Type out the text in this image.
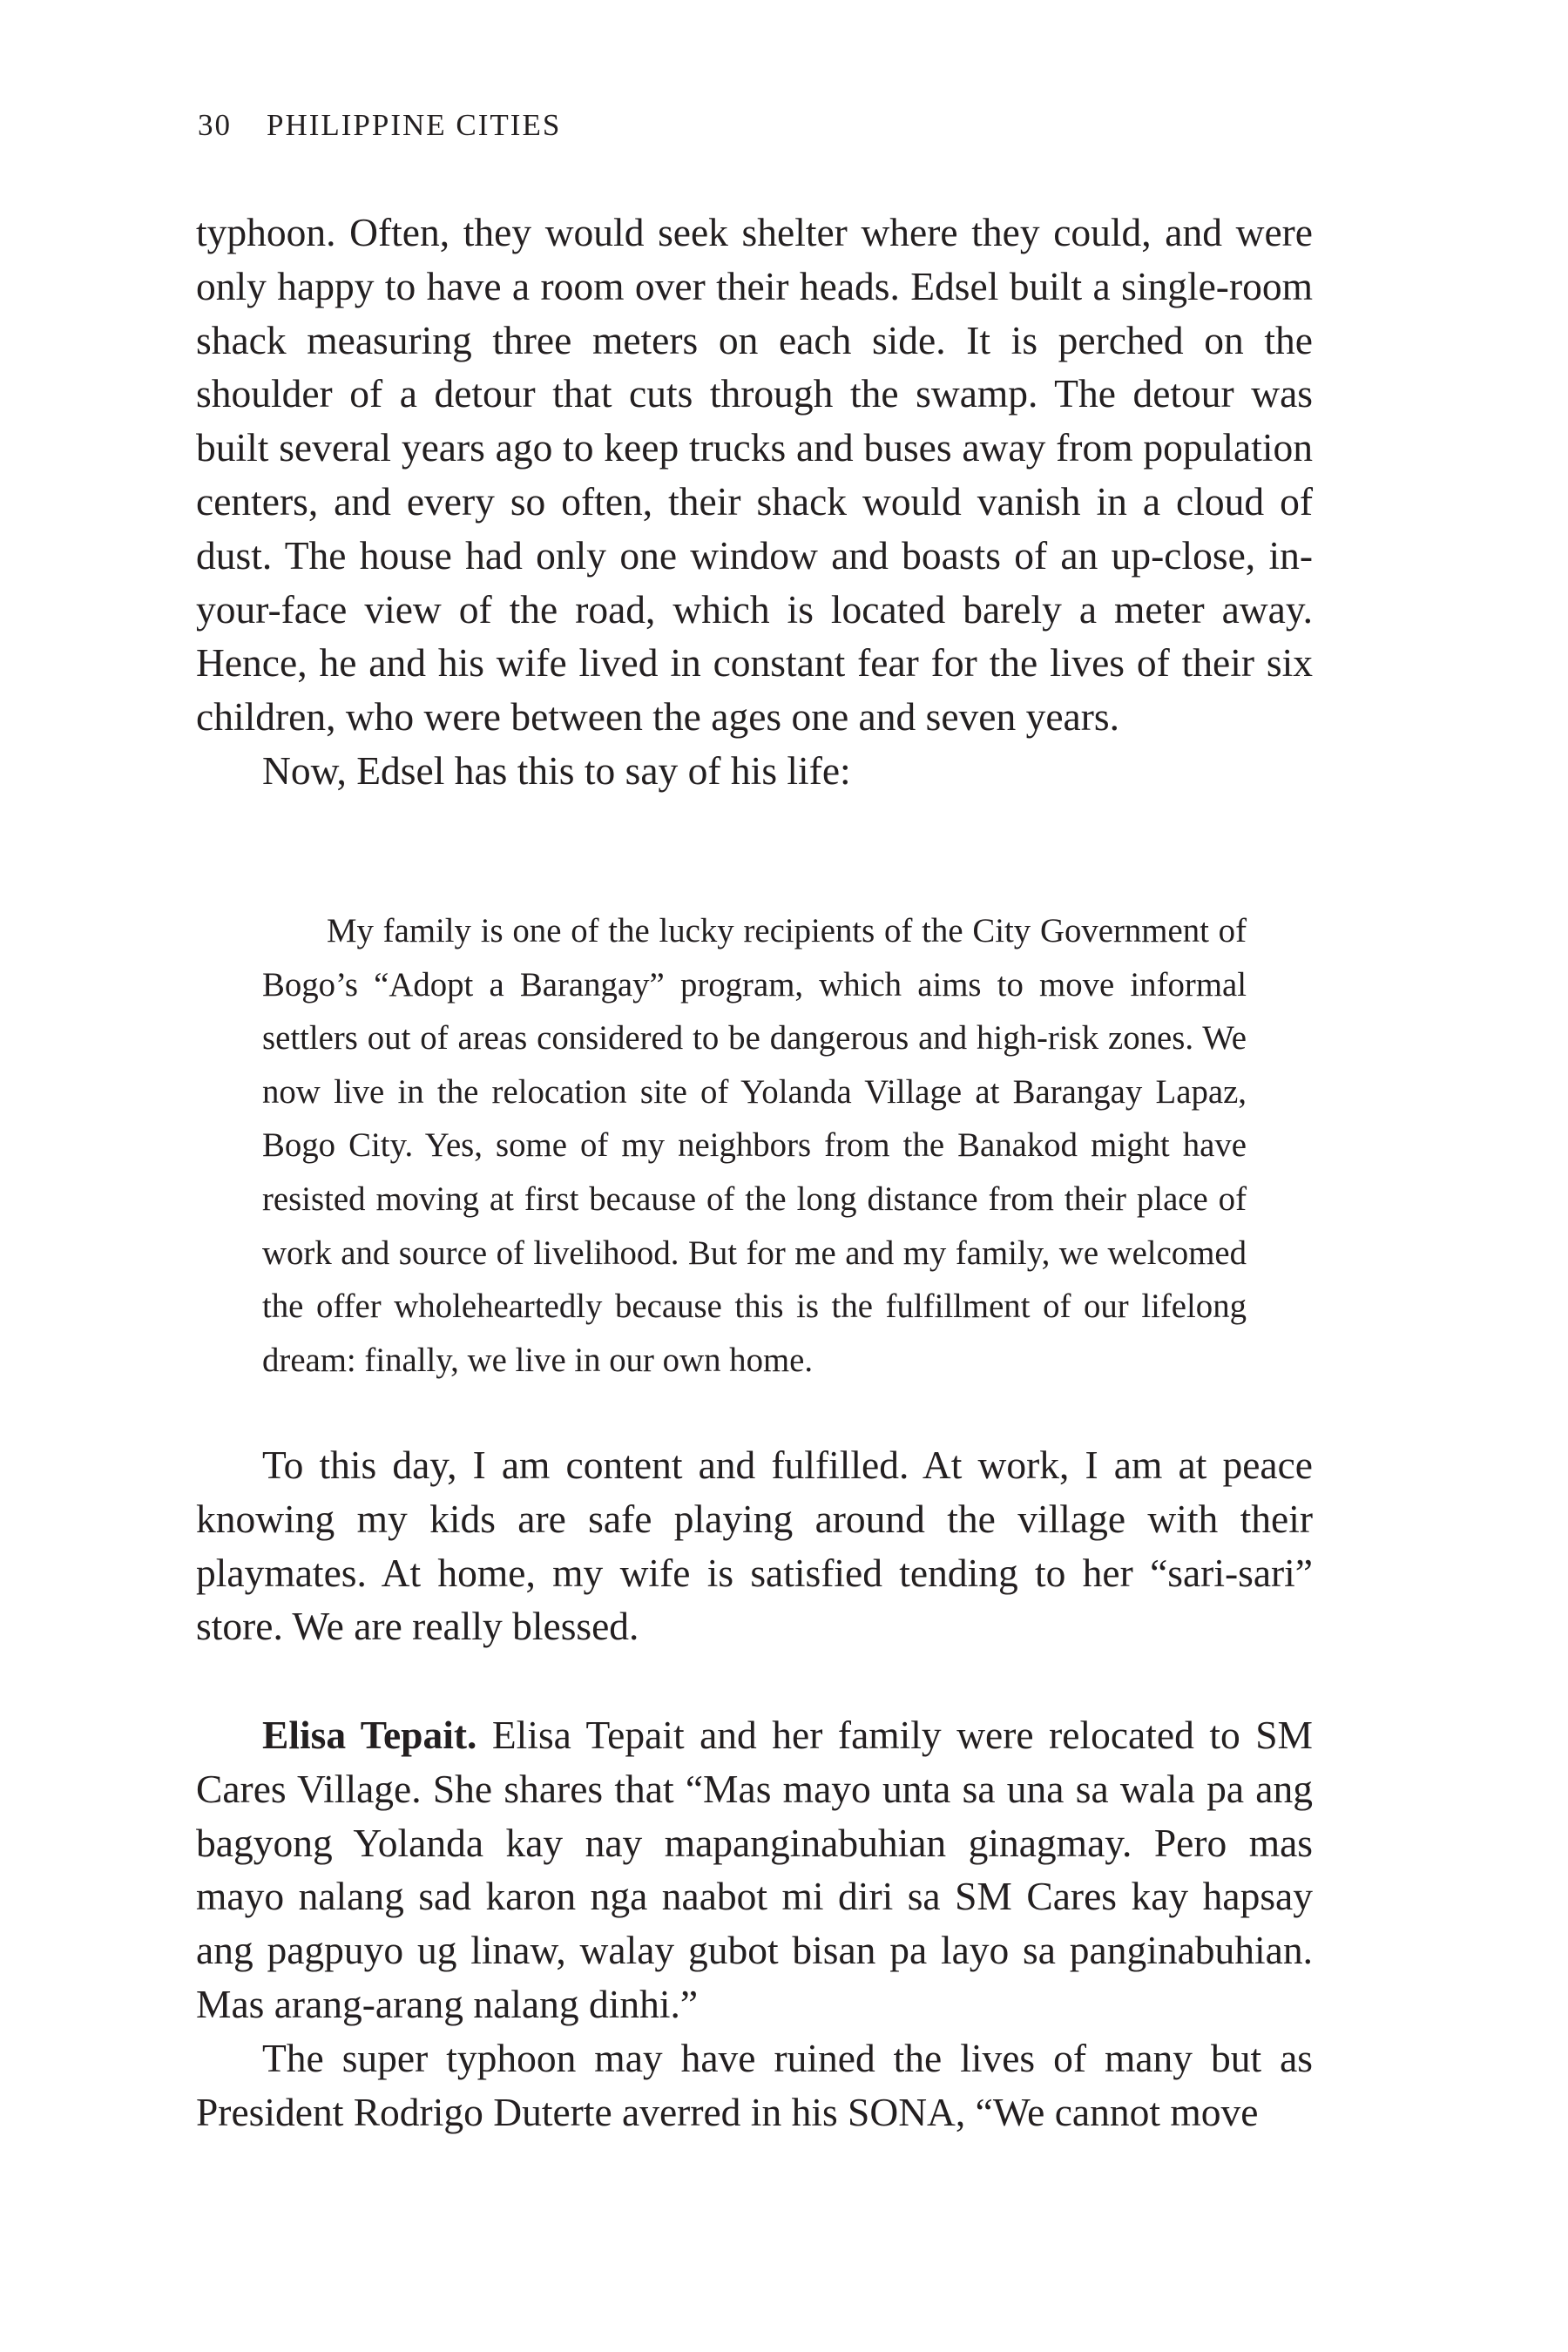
30 PHILIPPINE CITIES

typhoon. Often, they would seek shelter where they could, and were only happy to have a room over their heads. Edsel built a single-room shack measuring three meters on each side. It is perched on the shoulder of a detour that cuts through the swamp. The detour was built several years ago to keep trucks and buses away from population centers, and every so often, their shack would vanish in a cloud of dust. The house had only one window and boasts of an up-close, in-your-face view of the road, which is located barely a meter away. Hence, he and his wife lived in constant fear for the lives of their six children, who were between the ages one and seven years.

Now, Edsel has this to say of his life:

My family is one of the lucky recipients of the City Government of Bogo’s “Adopt a Barangay” program, which aims to move informal settlers out of areas considered to be dangerous and high-risk zones. We now live in the relocation site of Yolanda Village at Barangay Lapaz, Bogo City. Yes, some of my neighbors from the Banakod might have resisted moving at first because of the long distance from their place of work and source of livelihood. But for me and my family, we welcomed the offer wholeheartedly because this is the fulfillment of our lifelong dream: finally, we live in our own home.

To this day, I am content and fulfilled. At work, I am at peace knowing my kids are safe playing around the village with their playmates. At home, my wife is satisfied tending to her “sari-sari” store. We are really blessed.

Elisa Tepait. Elisa Tepait and her family were relocated to SM Cares Village. She shares that “Mas mayo unta sa una sa wala pa ang bagyong Yolanda kay nay mapanginabuhian ginagmay. Pero mas mayo nalang sad karon nga naabot mi diri sa SM Cares kay hapsay ang pagpuyo ug linaw, walay gubot bisan pa layo sa panginabuhian. Mas arang-arang nalang dinhi.”

The super typhoon may have ruined the lives of many but as President Rodrigo Duterte averred in his SONA, “We cannot move
